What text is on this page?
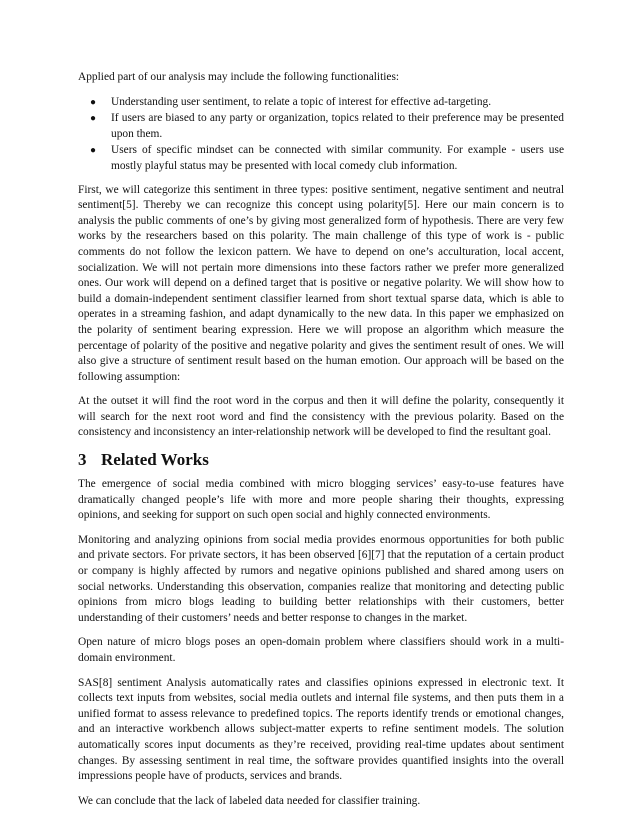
Applied part of our analysis may include the following functionalities:

● Understanding user sentiment, to relate a topic of interest for effective ad-targeting.
● If users are biased to any party or organization, topics related to their preference may be presented upon them.
● Users of specific mindset can be connected with similar community. For example - users use mostly playful status may be presented with local comedy club information.

First, we will categorize this sentiment in three types: positive sentiment, negative sentiment and neutral sentiment[5]. Thereby we can recognize this concept using polarity[5]. Here our main concern is to analysis the public comments of one’s by giving most generalized form of hypothesis. There are very few works by the researchers based on this polarity. The main challenge of this type of work is - public comments do not follow the lexicon pattern. We have to depend on one’s acculturation, local accent, socialization. We will not pertain more dimensions into these factors rather we prefer more generalized ones. Our work will depend on a defined target that is positive or negative polarity. We will show how to build a domain-independent sentiment classifier learned from short textual sparse data, which is able to operates in a streaming fashion, and adapt dynamically to the new data. In this paper we emphasized on the polarity of sentiment bearing expression. Here we will propose an algorithm which measure the percentage of polarity of the positive and negative polarity and gives the sentiment result of ones. We will also give a structure of sentiment result based on the human emotion. Our approach will be based on the following assumption:

At the outset it will find the root word in the corpus and then it will define the polarity, consequently it will search for the next root word and find the consistency with the previous polarity. Based on the consistency and inconsistency an inter-relationship network will be developed to find the resultant goal.

3 Related Works

The emergence of social media combined with micro blogging services’ easy-to-use features have dramatically changed people’s life with more and more people sharing their thoughts, expressing opinions, and seeking for support on such open social and highly connected environments.

Monitoring and analyzing opinions from social media provides enormous opportunities for both public and private sectors. For private sectors, it has been observed [6][7] that the reputation of a certain product or company is highly affected by rumors and negative opinions published and shared among users on social networks. Understanding this observation, companies realize that monitoring and detecting public opinions from micro blogs leading to building better relationships with their customers, better understanding of their customers’ needs and better response to changes in the market.

Open nature of micro blogs poses an open-domain problem where classifiers should work in a multi-domain environment.

SAS[8] sentiment Analysis automatically rates and classifies opinions expressed in electronic text. It collects text inputs from websites, social media outlets and internal file systems, and then puts them in a unified format to assess relevance to predefined topics. The reports identify trends or emotional changes, and an interactive workbench allows subject-matter experts to refine sentiment models. The solution automatically scores input documents as they’re received, providing real-time updates about sentiment changes. By assessing sentiment in real time, the software provides quantified insights into the overall impressions people have of products, services and brands.

We can conclude that the lack of labeled data needed for classifier training.
